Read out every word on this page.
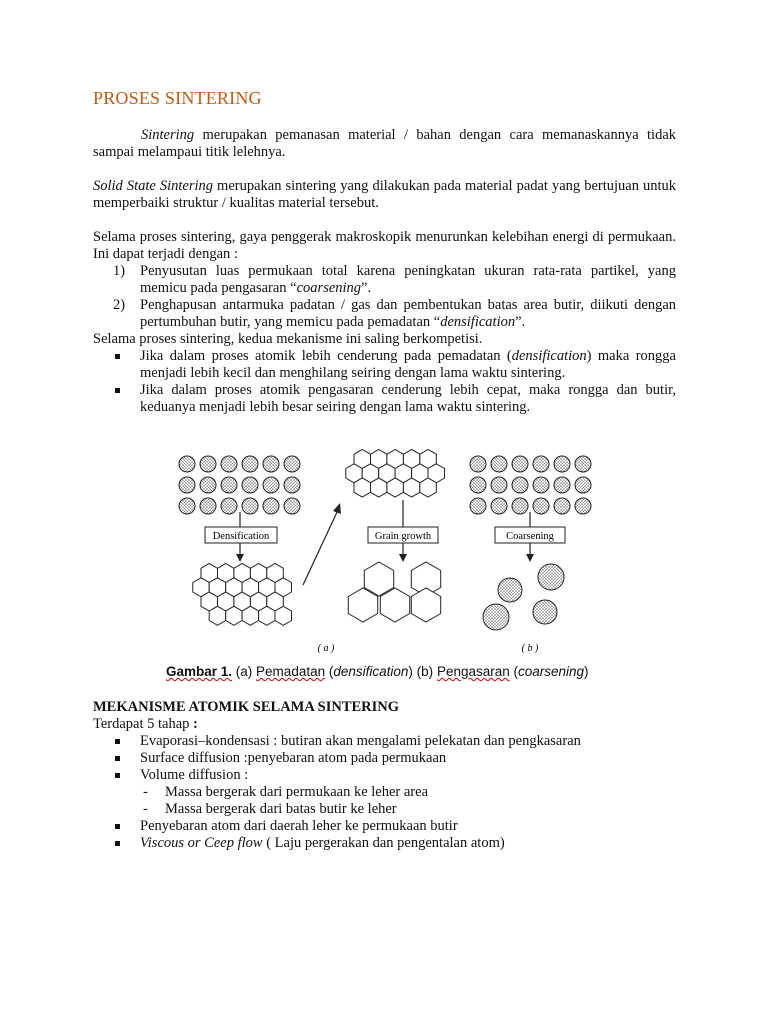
PROSES SINTERING
Sintering merupakan pemanasan material / bahan dengan cara memanaskannya tidak sampai melampaui titik lelehnya.
Solid State Sintering merupakan sintering yang dilakukan pada material padat yang bertujuan untuk memperbaiki struktur / kualitas material tersebut.
Selama proses sintering, gaya penggerak makroskopik menurunkan kelebihan energi di permukaan. Ini dapat terjadi dengan :
1) Penyusutan luas permukaan total karena peningkatan ukuran rata-rata partikel, yang memicu pada pengasaran “coarsening”.
2) Penghapusan antarmuka padatan / gas dan pembentukan batas area butir, diikuti dengan pertumbuhan butir, yang memicu pada pemadatan “densification”.
Selama proses sintering, kedua mekanisme ini saling berkompetisi.
Jika dalam proses atomik lebih cenderung pada pemadatan (densification) maka rongga menjadi lebih kecil dan menghilang seiring dengan lama waktu sintering.
Jika dalam proses atomik pengasaran cenderung lebih cepat, maka rongga dan butir, keduanya menjadi lebih besar seiring dengan lama waktu sintering.
Densification	Grain growth	Coarsening
( a )	( b )
Gambar 1. (a) Pemadatan (densification) (b) Pengasaran (coarsening)
MEKANISME ATOMIK SELAMA SINTERING
Terdapat 5 tahap :
Evaporasi–kondensasi : butiran akan mengalami pelekatan dan pengkasaran
Surface diffusion :penyebaran atom pada permukaan
Volume diffusion :
- Massa bergerak dari permukaan ke leher area
- Massa bergerak dari batas butir ke leher
Penyebaran atom dari daerah leher ke permukaan butir
Viscous or Ceep flow ( Laju pergerakan dan pengentalan atom)
